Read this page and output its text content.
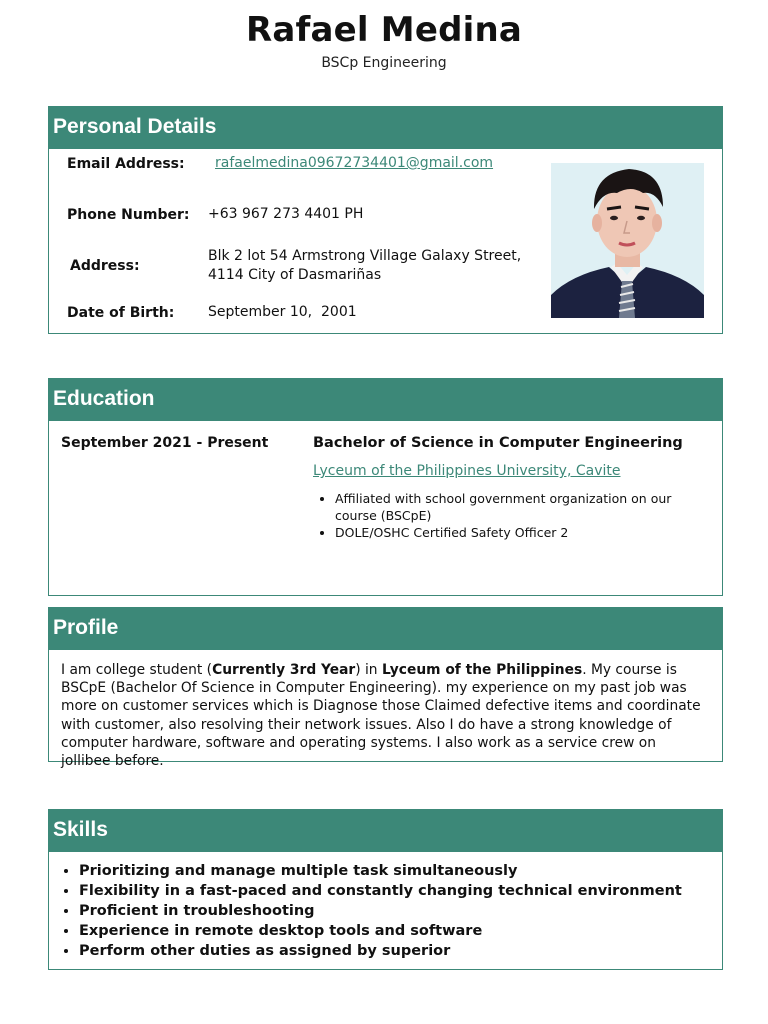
Rafael Medina
BSCp Engineering
Personal Details
Email Address: rafaelmedina09672734401@gmail.com
Phone Number: +63 967 273 4401 PH
Address:
Blk 2 lot 54 Armstrong Village Galaxy Street,
4114 City of Dasmariñas
Date of Birth: September 10,  2001
Education
September 2021 - Present	Bachelor of Science in Computer Engineering
Lyceum of the Philippines University, Cavite
• Affiliated with school government organization on our course (BSCpE)
• DOLE/OSHC Certified Safety Officer 2
Profile
I am college student (Currently 3rd Year) in Lyceum of the Philippines. My course is BSCpE (Bachelor Of Science in Computer Engineering). my experience on my past job was more on customer services which is Diagnose those Claimed defective items and coordinate with customer, also resolving their network issues. Also I do have a strong knowledge of computer hardware, software and operating systems. I also work as a service crew on jollibee before.
Skills
• Prioritizing and manage multiple task simultaneously
• Flexibility in a fast-paced and constantly changing technical environment
• Proficient in troubleshooting
• Experience in remote desktop tools and software
• Perform other duties as assigned by superior
